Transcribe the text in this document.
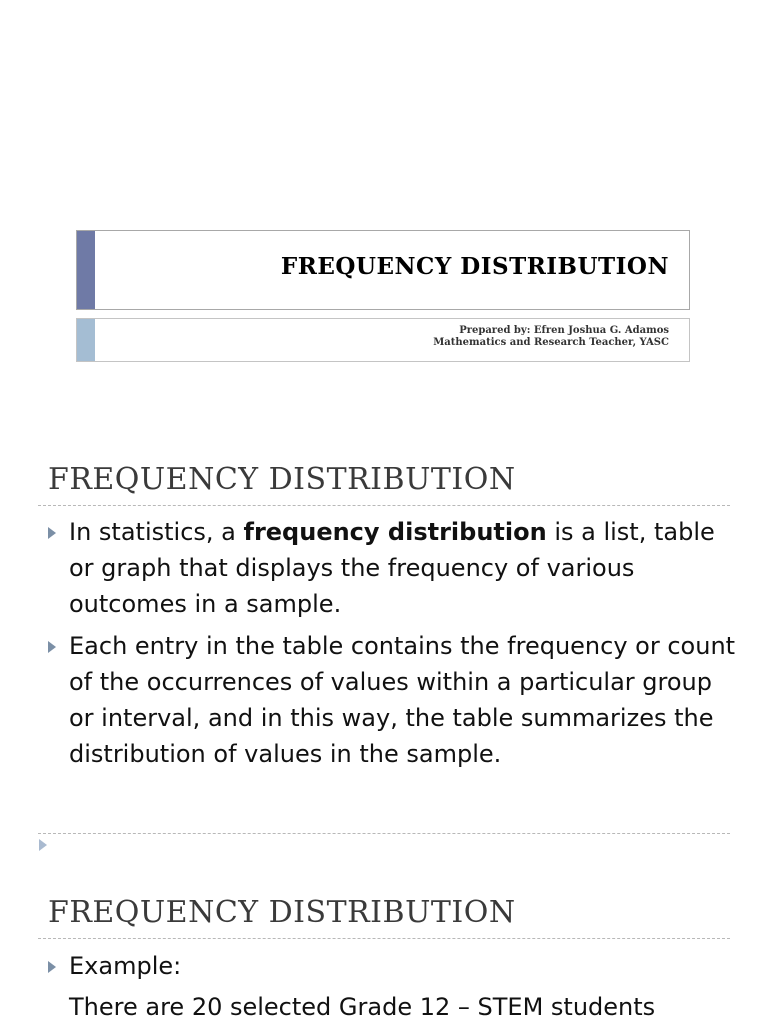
FREQUENCY DISTRIBUTION
Prepared by: Efren Joshua G. Adamos
Mathematics and Research Teacher, YASC
FREQUENCY DISTRIBUTION
In statistics, a frequency distribution is a list, table or graph that displays the frequency of various outcomes in a sample.
Each entry in the table contains the frequency or count of the occurrences of values within a particular group or interval, and in this way, the table summarizes the distribution of values in the sample.
FREQUENCY DISTRIBUTION
Example:
There are 20 selected Grade 12 – STEM students
